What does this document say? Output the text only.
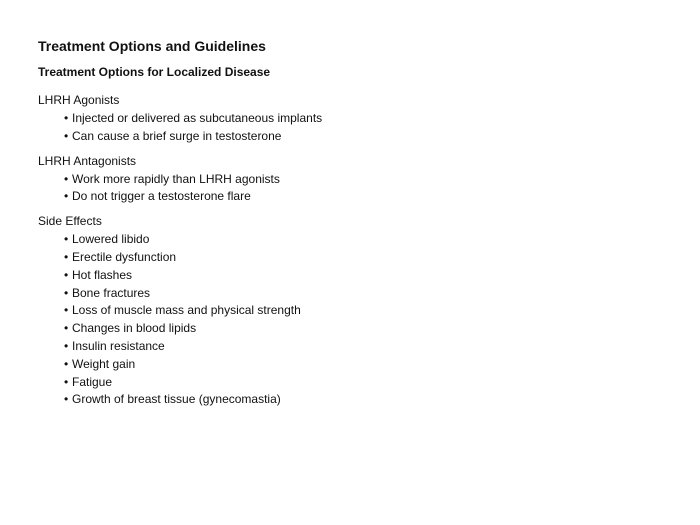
Treatment Options and Guidelines
Treatment Options for Localized Disease
LHRH Agonists
• Injected or delivered as subcutaneous implants
• Can cause a brief surge in testosterone
LHRH Antagonists
• Work more rapidly than LHRH agonists
• Do not trigger a testosterone flare
Side Effects
• Lowered libido
• Erectile dysfunction
• Hot flashes
• Bone fractures
• Loss of muscle mass and physical strength
• Changes in blood lipids
• Insulin resistance
• Weight gain
• Fatigue
• Growth of breast tissue (gynecomastia)
